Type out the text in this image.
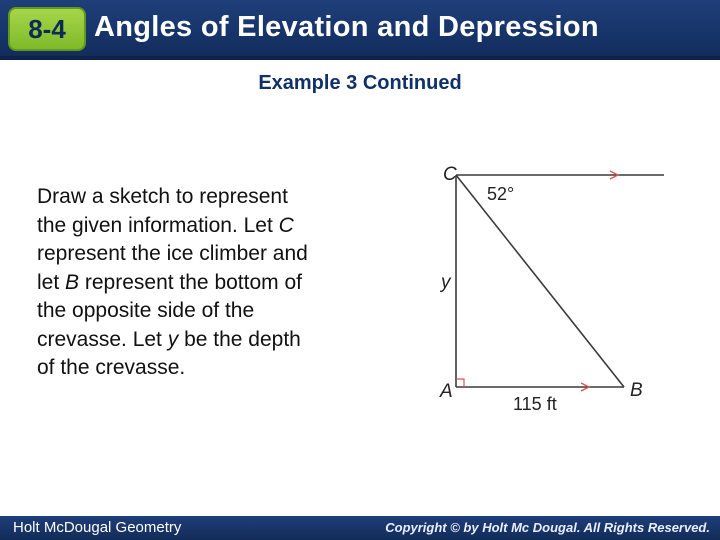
8-4 Angles of Elevation and Depression
Example 3 Continued
Draw a sketch to represent
the given information. Let C
represent the ice climber and
let B represent the bottom of
the opposite side of the
crevasse. Let y be the depth
of the crevasse.
C
52°
y
A	B
115 ft
Holt McDougal Geometry	Copyright © by Holt Mc Dougal. All Rights Reserved.
